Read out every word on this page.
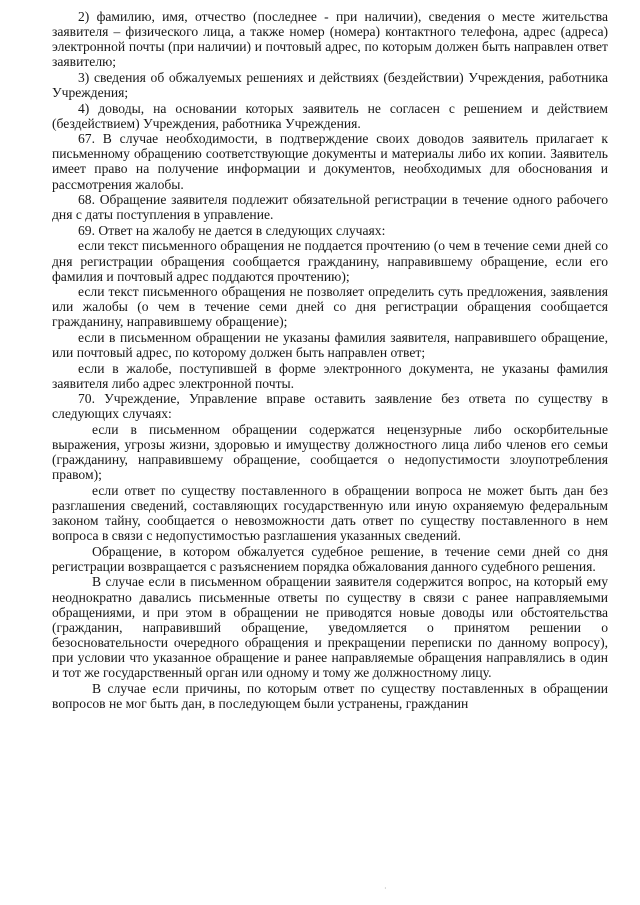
2) фамилию, имя, отчество (последнее - при наличии), сведения о месте жительства заявителя – физического лица, а также номер (номера) контактного телефона, адрес (адреса) электронной почты (при наличии) и почтовый адрес, по которым должен быть направлен ответ заявителю;

3) сведения об обжалуемых решениях и действиях (бездействии) Учреждения, работника Учреждения;

4) доводы, на основании которых заявитель не согласен с решением и действием (бездействием) Учреждения, работника Учреждения.

67. В случае необходимости, в подтверждение своих доводов заявитель прилагает к письменному обращению соответствующие документы и материалы либо их копии. Заявитель имеет право на получение информации и документов, необходимых для обоснования и рассмотрения жалобы.

68. Обращение заявителя подлежит обязательной регистрации в течение одного рабочего дня с даты поступления в управление.

69. Ответ на жалобу не дается в следующих случаях:

если текст письменного обращения не поддается прочтению (о чем в течение семи дней со дня регистрации обращения сообщается гражданину, направившему обращение, если его фамилия и почтовый адрес поддаются прочтению);

если текст письменного обращения не позволяет определить суть предложения, заявления или жалобы (о чем в течение семи дней со дня регистрации обращения сообщается гражданину, направившему обращение);

если в письменном обращении не указаны фамилия заявителя, направившего обращение, или почтовый адрес, по которому должен быть направлен ответ;

если в жалобе, поступившей в форме электронного документа, не указаны фамилия заявителя либо адрес электронной почты.

70. Учреждение, Управление вправе оставить заявление без ответа по существу в следующих случаях:

если в письменном обращении содержатся нецензурные либо оскорбительные выражения, угрозы жизни, здоровью и имуществу должностного лица либо членов его семьи (гражданину, направившему обращение, сообщается о недопустимости злоупотребления правом);

если ответ по существу поставленного в обращении вопроса не может быть дан без разглашения сведений, составляющих государственную или иную охраняемую федеральным законом тайну, сообщается о невозможности дать ответ по существу поставленного в нем вопроса в связи с недопустимостью разглашения указанных сведений.

Обращение, в котором обжалуется судебное решение, в течение семи дней со дня регистрации возвращается с разъяснением порядка обжалования данного судебного решения.

В случае если в письменном обращении заявителя содержится вопрос, на который ему неоднократно давались письменные ответы по существу в связи с ранее направляемыми обращениями, и при этом в обращении не приводятся новые доводы или обстоятельства (гражданин, направивший обращение, уведомляется о принятом решении о безосновательности очередного обращения и прекращении переписки по данному вопросу), при условии что указанное обращение и ранее направляемые обращения направлялись в один и тот же государственный орган или одному и тому же должностному лицу.

В случае если причины, по которым ответ по существу поставленных в обращении вопросов не мог быть дан, в последующем были устранены, гражданин

·
